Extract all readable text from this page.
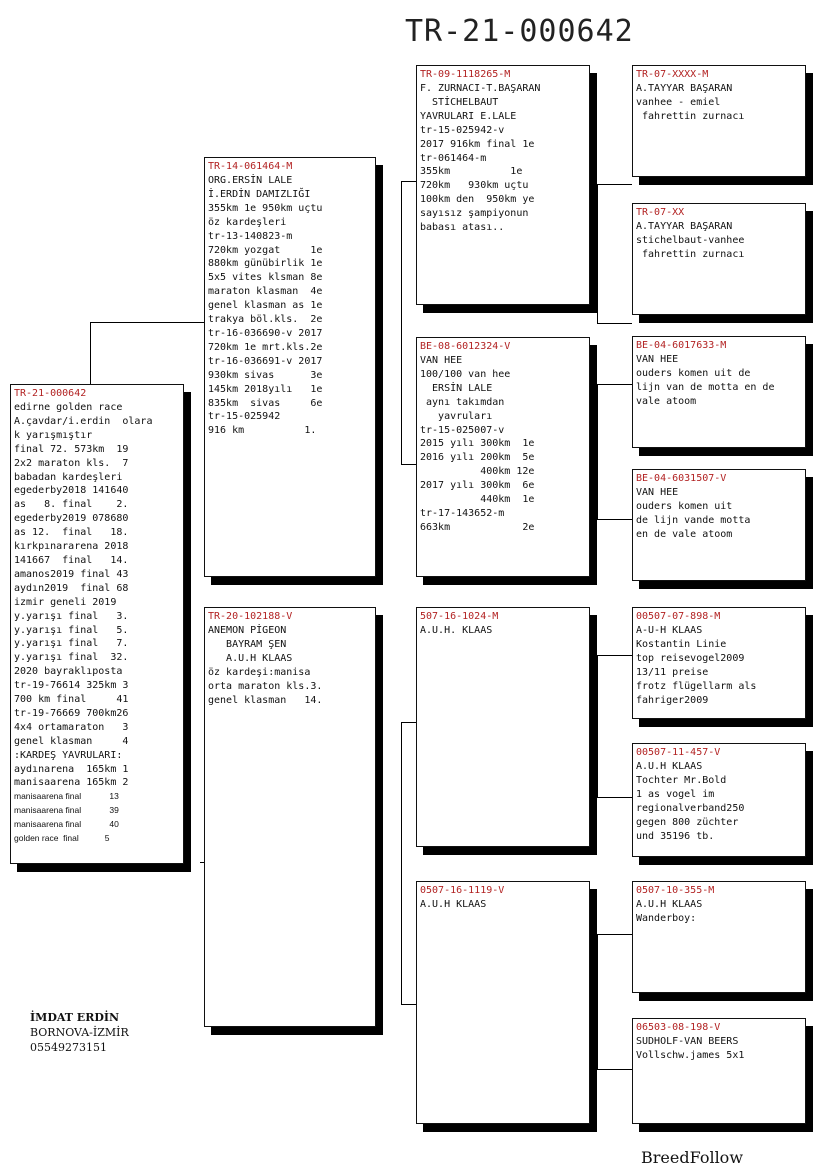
TR-21-000642
TR-21-000642
edirne golden race
A.çavdar/i.erdin  olara
k yarışmıştır
final 72. 573km  19
2x2 maraton kls.  7
babadan kardeşleri
egederby2018 141640
as   8. final    2.
egederby2019 078680
as 12.  final   18.
kırkpınararena 2018
141667  final   14.
amanos2019 final 43
aydın2019  final 68
izmir geneli 2019
y.yarışı final   3.
y.yarışı final   5.
y.yarışı final   7.
y.yarışı final  32.
2020 bayraklıposta
tr-19-76614 325km 3
700 km final     41
tr-19-76669 700km26
4x4 ortamaraton   3
genel klasman     4
:KARDEŞ YAVRULARI:
aydınarena  165km 1
manisaarena 165km 2
manisaarena final            13
manisaarena final            39
manisaarena final            40
golden race  final           5
TR-14-061464-M
ORG.ERSİN LALE
İ.ERDİN DAMIZLIĞI
355km 1e 950km uçtu
öz kardeşleri
tr-13-140823-m
720km yozgat     1e
880km günübirlik 1e
5x5 vites klsman 8e
maraton klasman  4e
genel klasman as 1e
trakya böl.kls.  2e
tr-16-036690-v 2017
720km 1e mrt.kls.2e
tr-16-036691-v 2017
930km sivas      3e
145km 2018yılı   1e
835km  sivas     6e
tr-15-025942
916 km          1.
TR-20-102188-V
ANEMON PİGEON
BAYRAM ŞEN
A.U.H KLAAS
öz kardeşi:manisa
orta maraton kls.3.
genel klasman   14.
TR-09-1118265-M
F. ZURNACI-T.BAŞARAN
STİCHELBAUT
YAVRULARI E.LALE
tr-15-025942-v
2017 916km final 1e
tr-061464-m
355km          1e
720km   930km uçtu
100km den  950km ye
sayısız şampiyonun
babası atası..
BE-08-6012324-V
VAN HEE
100/100 van hee
ERSİN LALE
aynı takımdan
yavruları
tr-15-025007-v
2015 yılı 300km  1e
2016 yılı 200km  5e
400km 12e
2017 yılı 300km  6e
440km  1e
tr-17-143652-m
663km            2e
507-16-1024-M
A.U.H. KLAAS
0507-16-1119-V
A.U.H KLAAS
TR-07-XXXX-M
A.TAYYAR BAŞARAN
vanhee - emiel
fahrettin zurnacı
TR-07-XX
A.TAYYAR BAŞARAN
stichelbaut-vanhee
fahrettin zurnacı
BE-04-6017633-M
VAN HEE
ouders komen uit de
lijn van de motta en de
vale atoom
BE-04-6031507-V
VAN HEE
ouders komen uit
de lijn vande motta
en de vale atoom
00507-07-898-M
A-U-H KLAAS
Kostantin Linie
top reisevogel2009
13/11 preise
frotz flügellarm als
fahriger2009
00507-11-457-V
A.U.H KLAAS
Tochter Mr.Bold
1 as vogel im
regionalverband250
gegen 800 züchter
und 35196 tb.
0507-10-355-M
A.U.H KLAAS
Wanderboy:
06503-08-198-V
SUDHOLF-VAN BEERS
Vollschw.james 5x1
İMDAT ERDİN
BORNOVA-İZMİR
05549273151
BreedFollow
